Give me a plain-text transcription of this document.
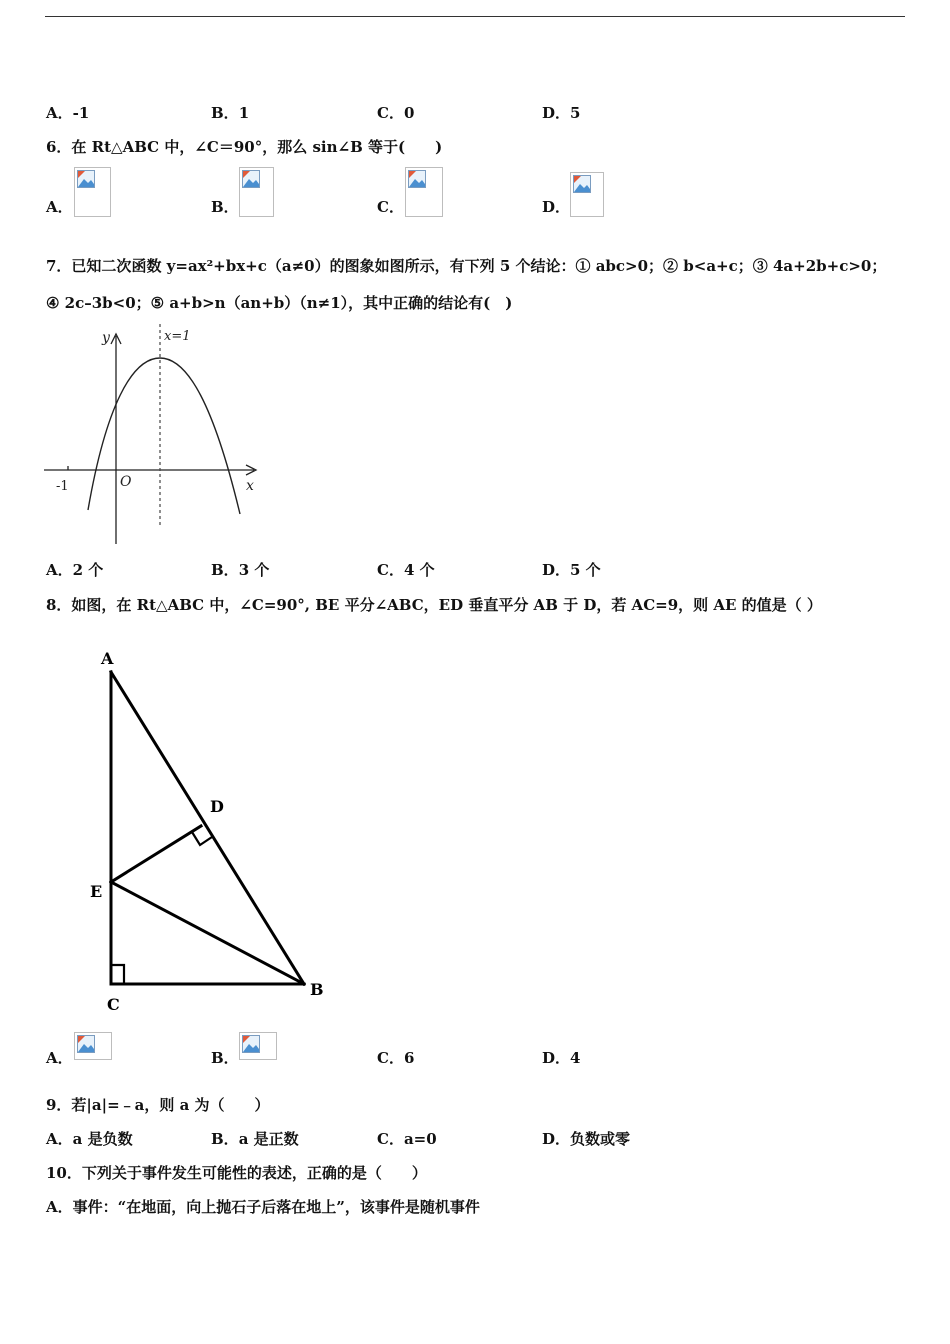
A．-1	B．1	C．0	D．5
6．在 Rt△ABC 中，∠C＝90°，那么 sin∠B 等于(　　)
A．	B．	C．	D．
7．已知二次函数 y=ax²+bx+c（a≠0）的图象如图所示，有下列 5 个结论：① abc>0；② b<a+c；③ 4a+2b+c>0；
④ 2c–3b<0；⑤ a+b>n（an+b）（n≠1），其中正确的结论有(　)
y	x=1
x
O
-1
A．2 个	B．3 个	C．4 个	D．5 个
8．如图，在 Rt△ABC 中，∠C=90°, BE 平分∠ABC，ED 垂直平分 AB 于 D，若 AC=9，则 AE 的值是（ ）
A
D
E
C
B
A．	B．	C．6	D．4
9．若|a|=﹣a，则 a 为（　　）
A．a 是负数	B．a 是正数	C．a=0	D．负数或零
10．下列关于事件发生可能性的表述，正确的是（　　）
A．事件：“在地面，向上抛石子后落在地上”，该事件是随机事件
